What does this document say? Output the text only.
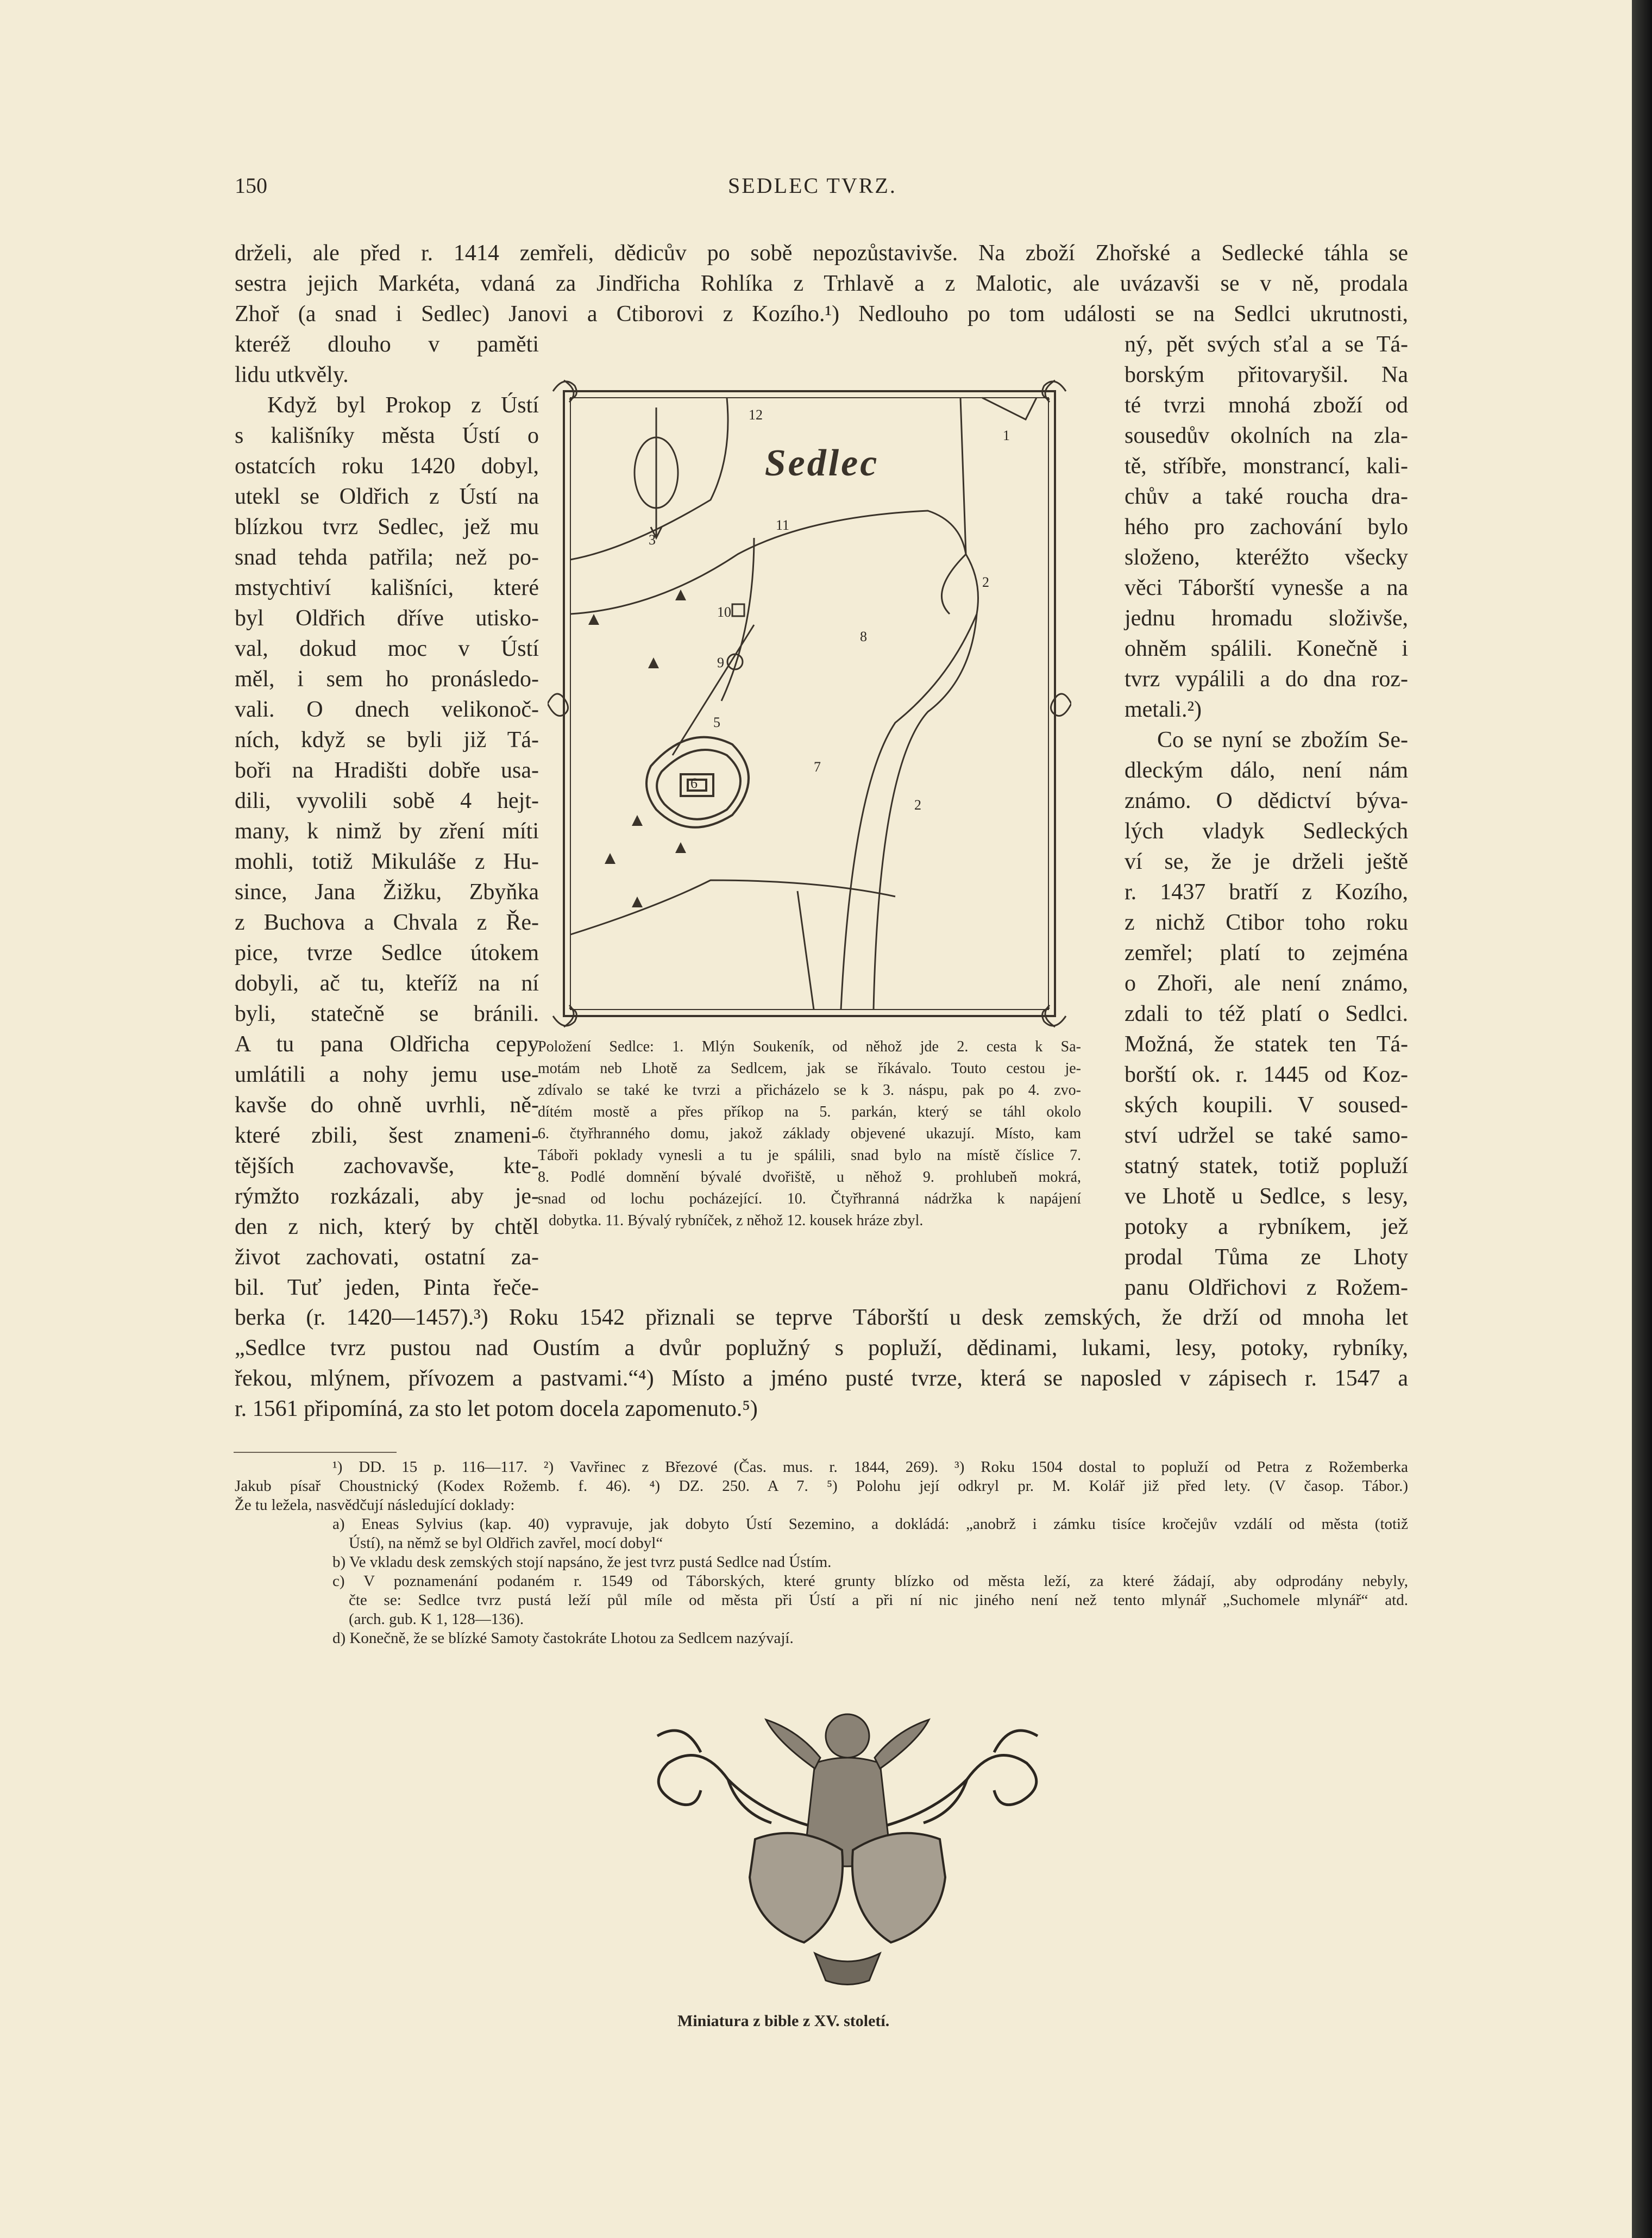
150	SEDLEC TVRZ.
drželi, ale před r. 1414 zemřeli, dědicův po sobě nepozůstavivše. Na zboží Zhořské a Sedlecké táhla se
sestra jejich Markéta, vdaná za Jindřicha Rohlíka z Trhlavě a z Malotic, ale uvázavši se v ně, prodala
Zhoř (a snad i Sedlec) Janovi a Ctiborovi z Kozího.¹) Nedlouho po tom události se na Sedlci ukrutnosti,
kteréž dlouho v paměti
lidu utkvěly.
Když byl Prokop z Ústí
s kališníky města Ústí o
ostatcích roku 1420 dobyl,
utekl se Oldřich z Ústí na
blízkou tvrz Sedlec, jež mu
snad tehda patřila; než po-
mstychtiví kališníci, které
byl Oldřich dříve utisko-
val, dokud moc v Ústí
měl, i sem ho pronásledo-
vali. O dnech velikonoč-
ních, když se byli již Tá-
boři na Hradišti dobře usa-
dili, vyvolili sobě 4 hejt-
many, k nimž by zření míti
mohli, totiž Mikuláše z Hu-
since, Jana Žižku, Zbyňka
z Buchova a Chvala z Ře-
pice, tvrze Sedlce útokem
dobyli, ač tu, kteříž na ní
byli, statečně se bránili.
A tu pana Oldřicha cepy
umlátili a nohy jemu use-
kavše do ohně uvrhli, ně-
které zbili, šest znameni-
tějších zachovavše, kte-
rýmžto rozkázali, aby je-
den z nich, který by chtěl
život zachovati, ostatní za-
bil. Tuť jeden, Pinta řeče-
ný, pět svých sťal a se Tá-
borským přitovaryšil. Na
té tvrzi mnohá zboží od
sousedův okolních na zla-
tě, stříbře, monstrancí, kali-
chův a také roucha dra-
hého pro zachování bylo
složeno, kteréžto všecky
věci Táborští vynesše a na
jednu hromadu složivše,
ohněm spálili. Konečně i
tvrz vypálili a do dna roz-
metali.²)
Co se nyní se zbožím Se-
dleckým dálo, není nám
známo. O dědictví býva-
lých vladyk Sedleckých
ví se, že je drželi ještě
r. 1437 bratří z Kozího,
z nichž Ctibor toho roku
zemřel; platí to zejména
o Zhoři, ale není známo,
zdali to též platí o Sedlci.
Možná, že statek ten Tá-
borští ok. r. 1445 od Koz-
ských koupili. V soused-
ství udržel se také samo-
statný statek, totiž popluží
ve Lhotě u Sedlce, s lesy,
potoky a rybníkem, jež
prodal Tůma ze Lhoty
panu Oldřichovi z Rožem-
Sedlec
1
2
2
3
5
6
7
8
9
10
11
12
Položení Sedlce: 1. Mlýn Soukeník, od něhož jde 2. cesta k Sa-
motám neb Lhotě za Sedlcem, jak se říkávalo. Touto cestou je-
zdívalo se také ke tvrzi a přicházelo se k 3. náspu, pak po 4. zvo-
dítém mostě a přes příkop na 5. parkán, který se táhl okolo
6. čtyřhranného domu, jakož základy objevené ukazují. Místo, kam
Táboři poklady vynesli a tu je spálili, snad bylo na místě číslice 7.
8. Podlé domnění bývalé dvořiště, u něhož 9. prohlubeň mokrá,
snad od lochu pocházející. 10. Čtyřhranná nádržka k napájení
dobytka. 11. Bývalý rybníček, z něhož 12. kousek hráze zbyl.
berka (r. 1420—1457).³) Roku 1542 přiznali se teprve Táborští u desk zemských, že drží od mnoha let
„Sedlce tvrz pustou nad Oustím a dvůr poplužný s popluží, dědinami, lukami, lesy, potoky, rybníky,
řekou, mlýnem, přívozem a pastvami.“⁴) Místo a jméno pusté tvrze, která se naposled v zápisech r. 1547 a
r. 1561 připomíná, za sto let potom docela zapomenuto.⁵)
¹) DD. 15 p. 116—117. ²) Vavřinec z Březové (Čas. mus. r. 1844, 269). ³) Roku 1504 dostal to popluží od Petra z Rožemberka
Jakub písař Choustnický (Kodex Rožemb. f. 46). ⁴) DZ. 250. A 7. ⁵) Polohu její odkryl pr. M. Kolář již před lety. (V časop. Tábor.)
Že tu ležela, nasvědčují následující doklady:
a) Eneas Sylvius (kap. 40) vypravuje, jak dobyto Ústí Sezemino, a dokládá: „anobrž i zámku tisíce kročejův vzdálí od města (totiž
Ústí), na němž se byl Oldřich zavřel, mocí dobyl“
b) Ve vkladu desk zemských stojí napsáno, že jest tvrz pustá Sedlce nad Ústím.
c) V poznamenání podaném r. 1549 od Táborských, které grunty blízko od města leží, za které žádají, aby odprodány nebyly,
čte se: Sedlce tvrz pustá leží půl míle od města při Ústí a při ní nic jiného není než tento mlynář „Suchomele mlynář“ atd.
(arch. gub. K 1, 128—136).
d) Konečně, že se blízké Samoty častokráte Lhotou za Sedlcem nazývají.
Miniatura z bible z XV. století.
